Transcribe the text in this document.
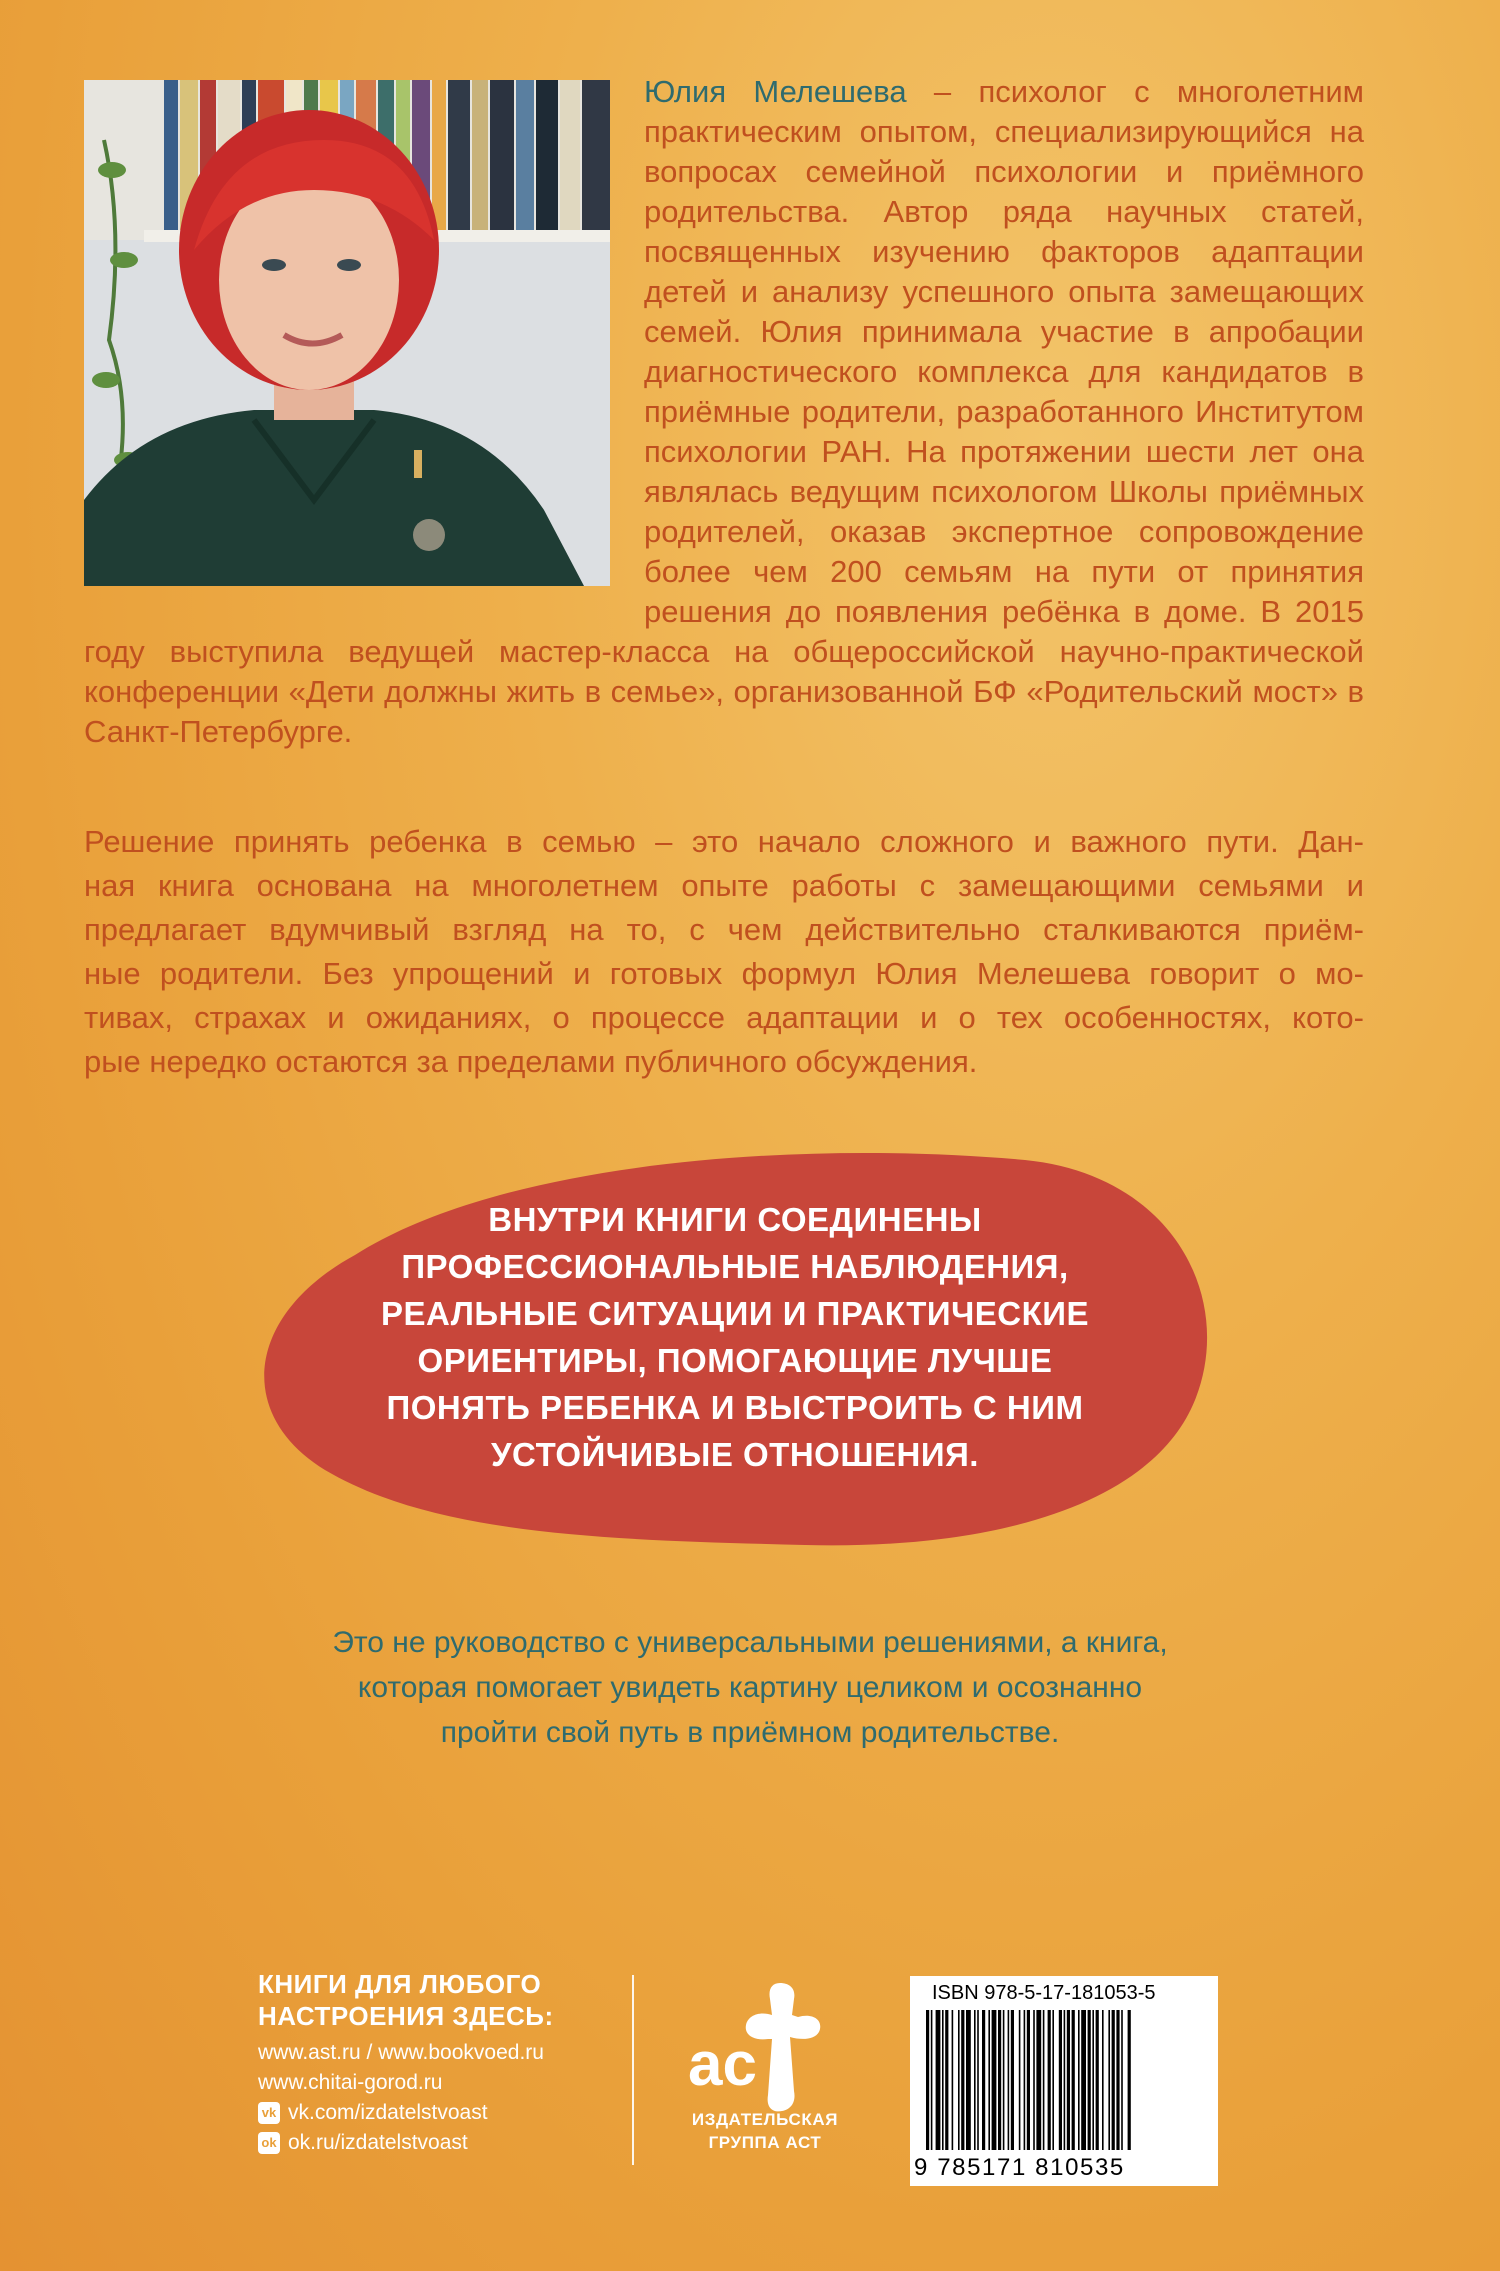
Юлия Мелешева – психолог с многолетним практическим опытом, специализирующийся на вопросах семейной психологии и приёмного родительства. Автор ряда научных статей, посвященных изучению факторов адаптации детей и анализу успешного опыта замещающих семей. Юлия принимала участие в апробации диагностического комплекса для кандидатов в приёмные родители, разработанного Институтом психологии РАН. На протяжении шести лет она являлась ведущим психологом Школы приёмных родителей, оказав экспертное сопровождение более чем 200 семьям на пути от принятия решения до появления ребёнка в доме. В 2015 году выступила ведущей мастер-класса на общероссийской научно-практической конференции «Дети должны жить в семье», организованной БФ «Родительский мост» в Санкт-Петербурге.
Решение принять ребенка в семью – это начало сложного и важного пути. Дан-
ная книга основана на многолетнем опыте работы с замещающими семьями и
предлагает вдумчивый взгляд на то, с чем действительно сталкиваются приём-
ные родители. Без упрощений и готовых формул Юлия Мелешева говорит о мо-
тивах, страхах и ожиданиях, о процессе адаптации и о тех особенностях, кото-
рые нередко остаются за пределами публичного обсуждения.
ВНУТРИ КНИГИ СОЕДИНЕНЫ
ПРОФЕССИОНАЛЬНЫЕ НАБЛЮДЕНИЯ,
РЕАЛЬНЫЕ СИТУАЦИИ И ПРАКТИЧЕСКИЕ
ОРИЕНТИРЫ, ПОМОГАЮЩИЕ ЛУЧШЕ
ПОНЯТЬ РЕБЕНКА И ВЫСТРОИТЬ С НИМ
УСТОЙЧИВЫЕ ОТНОШЕНИЯ.
Это не руководство с универсальными решениями, а книга,
которая помогает увидеть картину целиком и осознанно
пройти свой путь в приёмном родительстве.
КНИГИ ДЛЯ ЛЮБОГО
НАСТРОЕНИЯ ЗДЕСЬ:
www.ast.ru / www.bookvoed.ru
www.chitai-gorod.ru
vk vk.com/izdatelstvoast
ok ok.ru/izdatelstvoast
ac
ИЗДАТЕЛЬСКАЯ
ГРУППА АСТ
ISBN 978-5-17-181053-5
9 785171 810535
